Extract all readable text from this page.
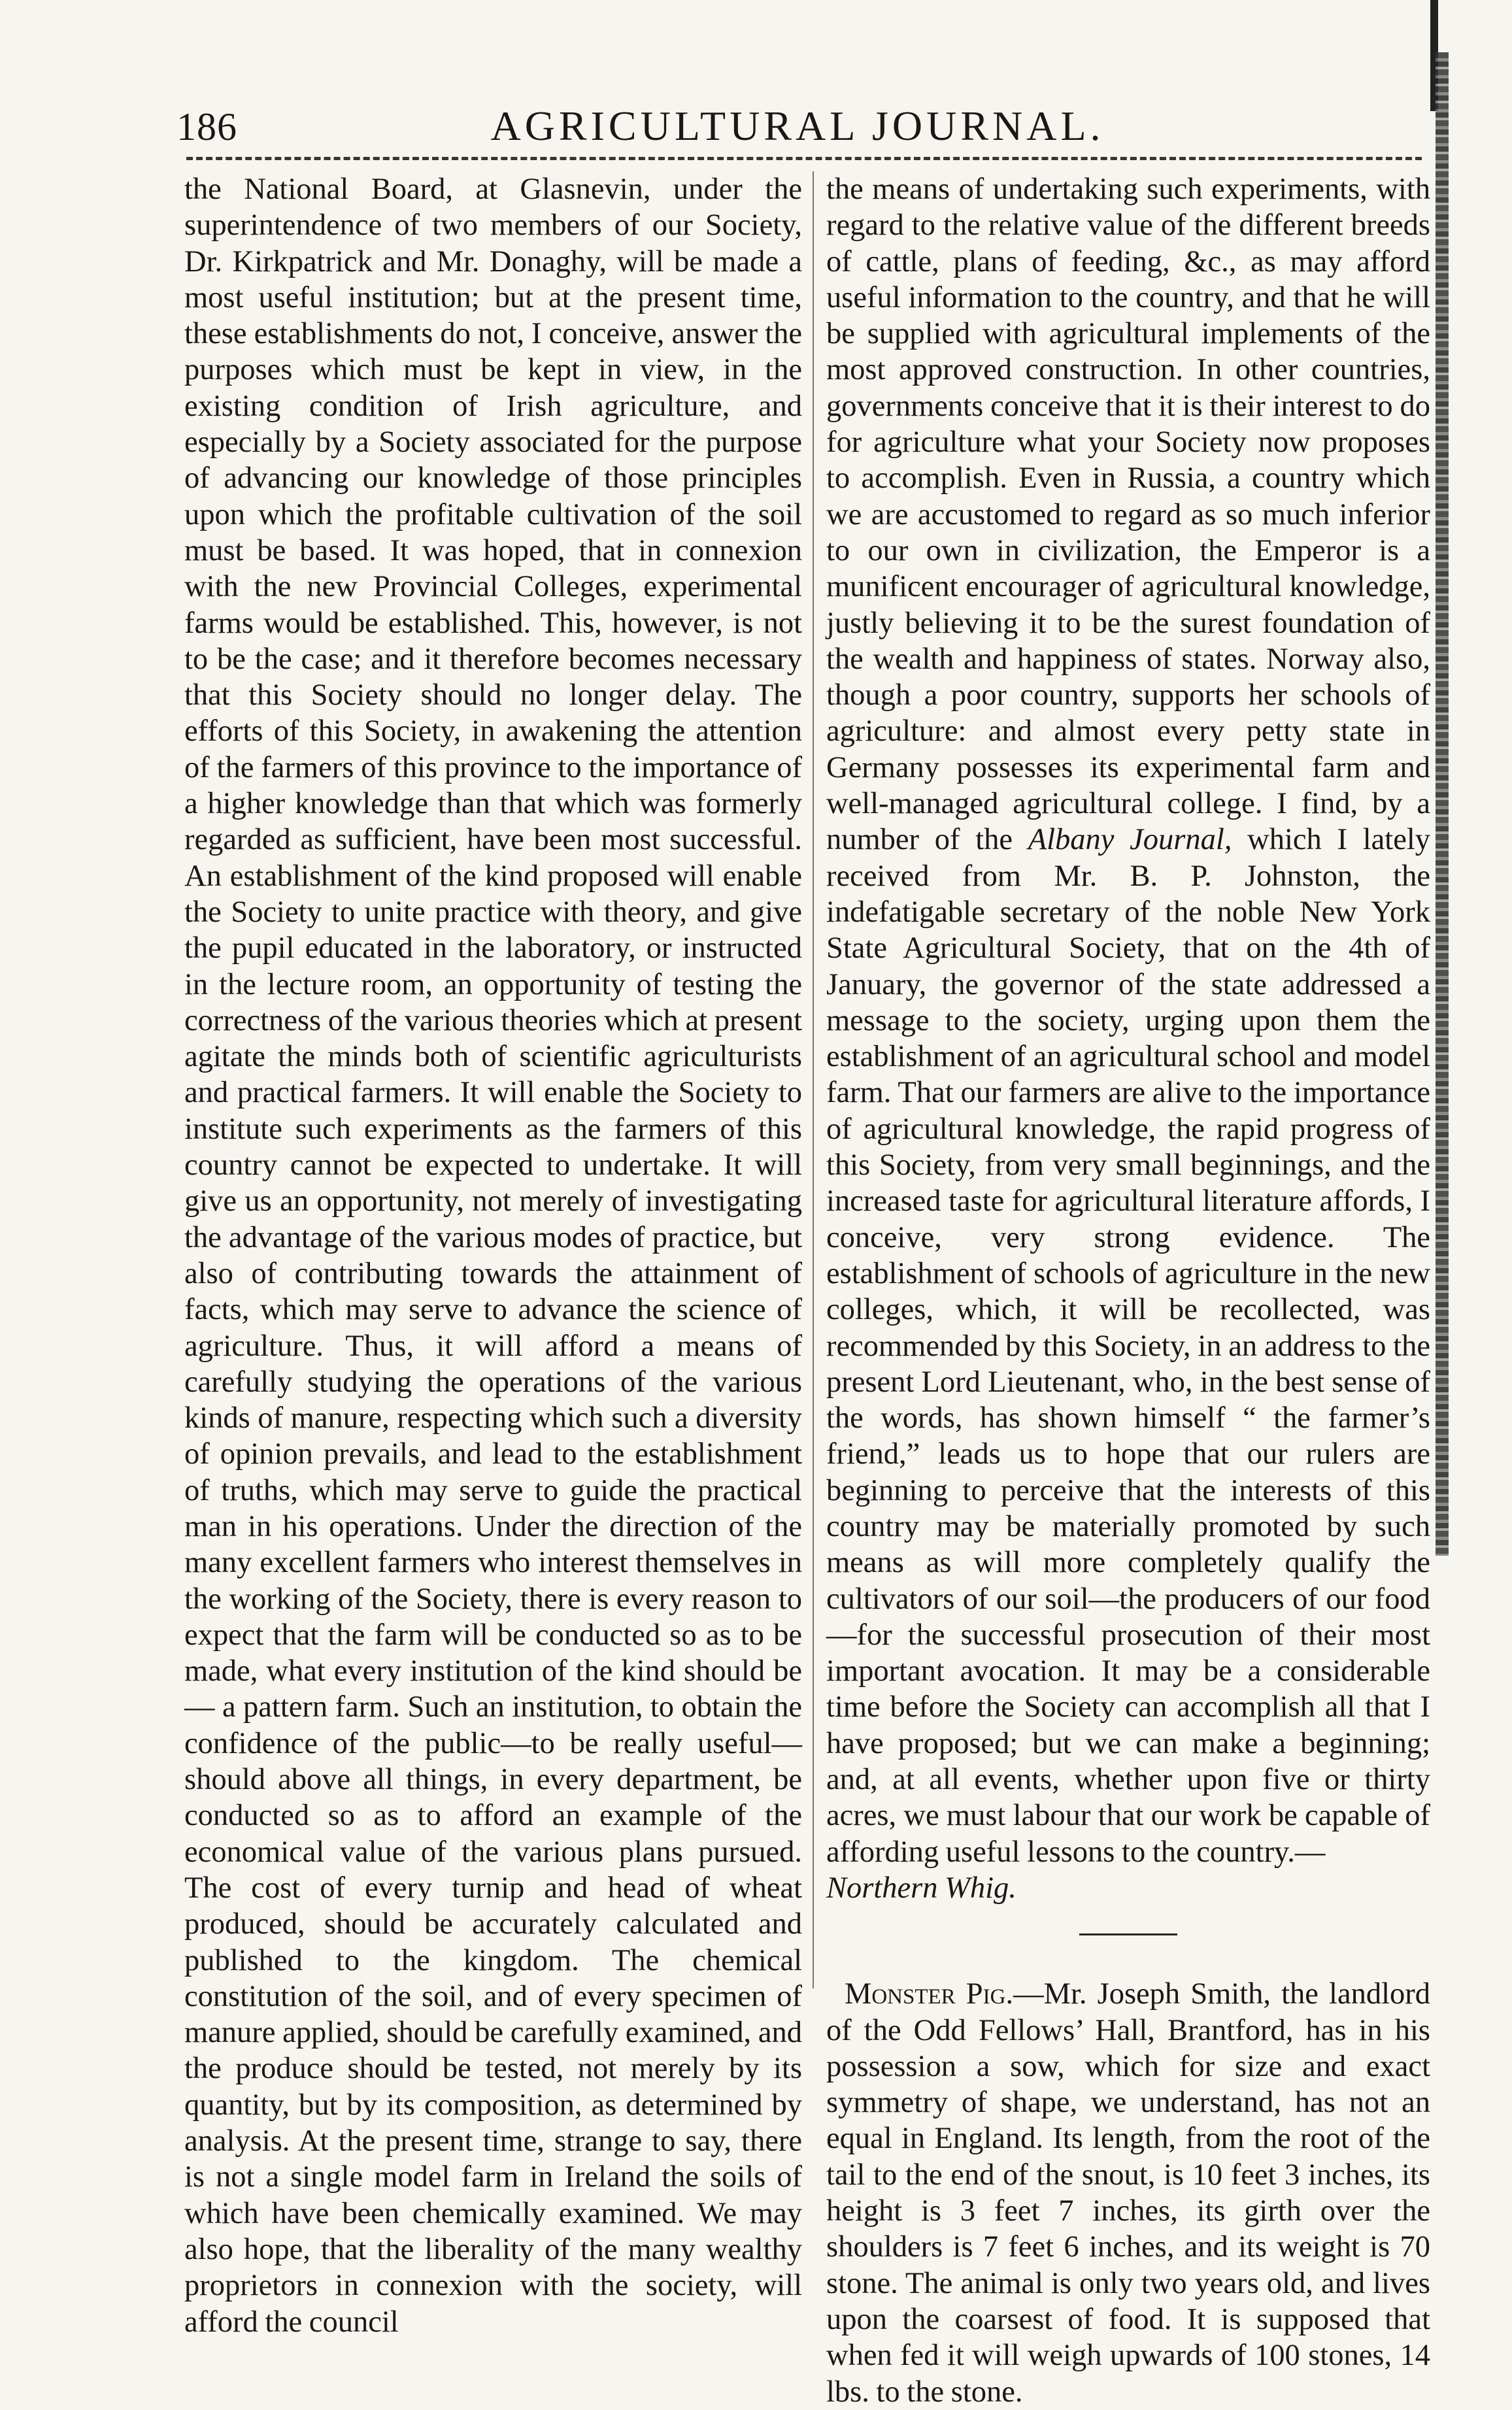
186	AGRICULTURAL JOURNAL.

the National Board, at Glasnevin, under the superintendence of two members of our Society, Dr. Kirkpatrick and Mr. Donaghy, will be made a most useful institution; but at the present time, these establishments do not, I conceive, answer the purposes which must be kept in view, in the existing condition of Irish agriculture, and especially by a Society associated for the purpose of advancing our knowledge of those principles upon which the profitable cultivation of the soil must be based. It was hoped, that in connexion with the new Provincial Colleges, experimental farms would be established. This, however, is not to be the case; and it therefore becomes necessary that this Society should no longer delay. The efforts of this Society, in awakening the attention of the farmers of this province to the importance of a higher knowledge than that which was formerly regarded as sufficient, have been most successful. An establishment of the kind proposed will enable the Society to unite practice with theory, and give the pupil educated in the laboratory, or instructed in the lecture room, an opportunity of testing the correctness of the various theories which at present agitate the minds both of scientific agriculturists and practical farmers. It will enable the Society to institute such experiments as the farmers of this country cannot be expected to undertake. It will give us an opportunity, not merely of investigating the advantage of the various modes of practice, but also of contributing towards the attainment of facts, which may serve to advance the science of agriculture. Thus, it will afford a means of carefully studying the operations of the various kinds of manure, respecting which such a diversity of opinion prevails, and lead to the establishment of truths, which may serve to guide the practical man in his operations. Under the direction of the many excellent farmers who interest themselves in the working of the Society, there is every reason to expect that the farm will be conducted so as to be made, what every institution of the kind should be— a pattern farm. Such an institution, to obtain the confidence of the public—to be really useful—should above all things, in every department, be conducted so as to afford an example of the economical value of the various plans pursued. The cost of every turnip and head of wheat produced, should be accurately calculated and published to the kingdom. The chemical constitution of the soil, and of every specimen of manure applied, should be carefully examined, and the produce should be tested, not merely by its quantity, but by its composition, as determined by analysis. At the present time, strange to say, there is not a single model farm in Ireland the soils of which have been chemically examined. We may also hope, that the liberality of the many wealthy proprietors in connexion with the society, will afford the council

the means of undertaking such experiments, with regard to the relative value of the different breeds of cattle, plans of feeding, &c., as may afford useful information to the country, and that he will be supplied with agricultural implements of the most approved construction. In other countries, governments conceive that it is their interest to do for agriculture what your Society now proposes to accomplish. Even in Russia, a country which we are accustomed to regard as so much inferior to our own in civilization, the Emperor is a munificent encourager of agricultural knowledge, justly believing it to be the surest foundation of the wealth and happiness of states. Norway also, though a poor country, supports her schools of agriculture: and almost every petty state in Germany possesses its experimental farm and well-managed agricultural college. I find, by a number of the Albany Journal, which I lately received from Mr. B. P. Johnston, the indefatigable secretary of the noble New York State Agricultural Society, that on the 4th of January, the governor of the state addressed a message to the society, urging upon them the establishment of an agricultural school and model farm. That our farmers are alive to the importance of agricultural knowledge, the rapid progress of this Society, from very small beginnings, and the increased taste for agricultural literature affords, I conceive, very strong evidence. The establishment of schools of agriculture in the new colleges, which, it will be recollected, was recommended by this Society, in an address to the present Lord Lieutenant, who, in the best sense of the words, has shown himself “ the farmer’s friend,” leads us to hope that our rulers are beginning to perceive that the interests of this country may be materially promoted by such means as will more completely qualify the cultivators of our soil—the producers of our food—for the successful prosecution of their most important avocation. It may be a considerable time before the Society can accomplish all that I have proposed; but we can make a beginning; and, at all events, whether upon five or thirty acres, we must labour that our work be capable of affording useful lessons to the country.—
Northern Whig.

Monster Pig.—Mr. Joseph Smith, the landlord of the Odd Fellows’ Hall, Brantford, has in his possession a sow, which for size and exact symmetry of shape, we understand, has not an equal in England. Its length, from the root of the tail to the end of the snout, is 10 feet 3 inches, its height is 3 feet 7 inches, its girth over the shoulders is 7 feet 6 inches, and its weight is 70 stone. The animal is only two years old, and lives upon the coarsest of food. It is supposed that when fed it will weigh upwards of 100 stones, 14 lbs. to the stone.
